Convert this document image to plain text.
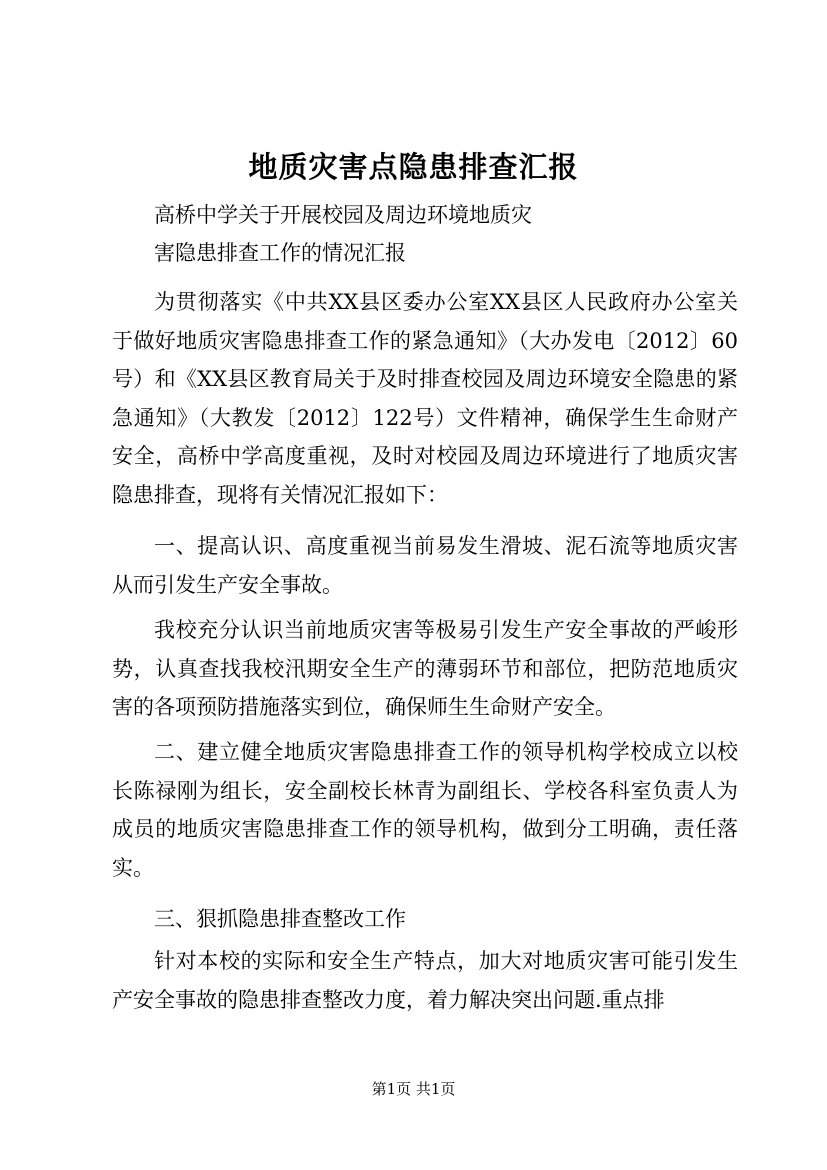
地质灾害点隐患排查汇报
高桥中学关于开展校园及周边环境地质灾
害隐患排查工作的情况汇报
为贯彻落实《中共XX县区委办公室XX县区人民政府办公室关于做好地质灾害隐患排查工作的紧急通知》（大办发电〔2012〕60号）和《XX县区教育局关于及时排查校园及周边环境安全隐患的紧急通知》（大教发〔2012〕122号）文件精神，确保学生生命财产安全，高桥中学高度重视，及时对校园及周边环境进行了地质灾害隐患排查，现将有关情况汇报如下：
一、提高认识、高度重视当前易发生滑坡、泥石流等地质灾害从而引发生产安全事故。
我校充分认识当前地质灾害等极易引发生产安全事故的严峻形势，认真查找我校汛期安全生产的薄弱环节和部位，把防范地质灾害的各项预防措施落实到位，确保师生生命财产安全。
二、建立健全地质灾害隐患排查工作的领导机构学校成立以校长陈禄刚为组长，安全副校长林青为副组长、学校各科室负责人为成员的地质灾害隐患排查工作的领导机构，做到分工明确，责任落实。
三、狠抓隐患排查整改工作
针对本校的实际和安全生产特点，加大对地质灾害可能引发生产安全事故的隐患排查整改力度，着力解决突出问题.重点排
第1页 共1页
